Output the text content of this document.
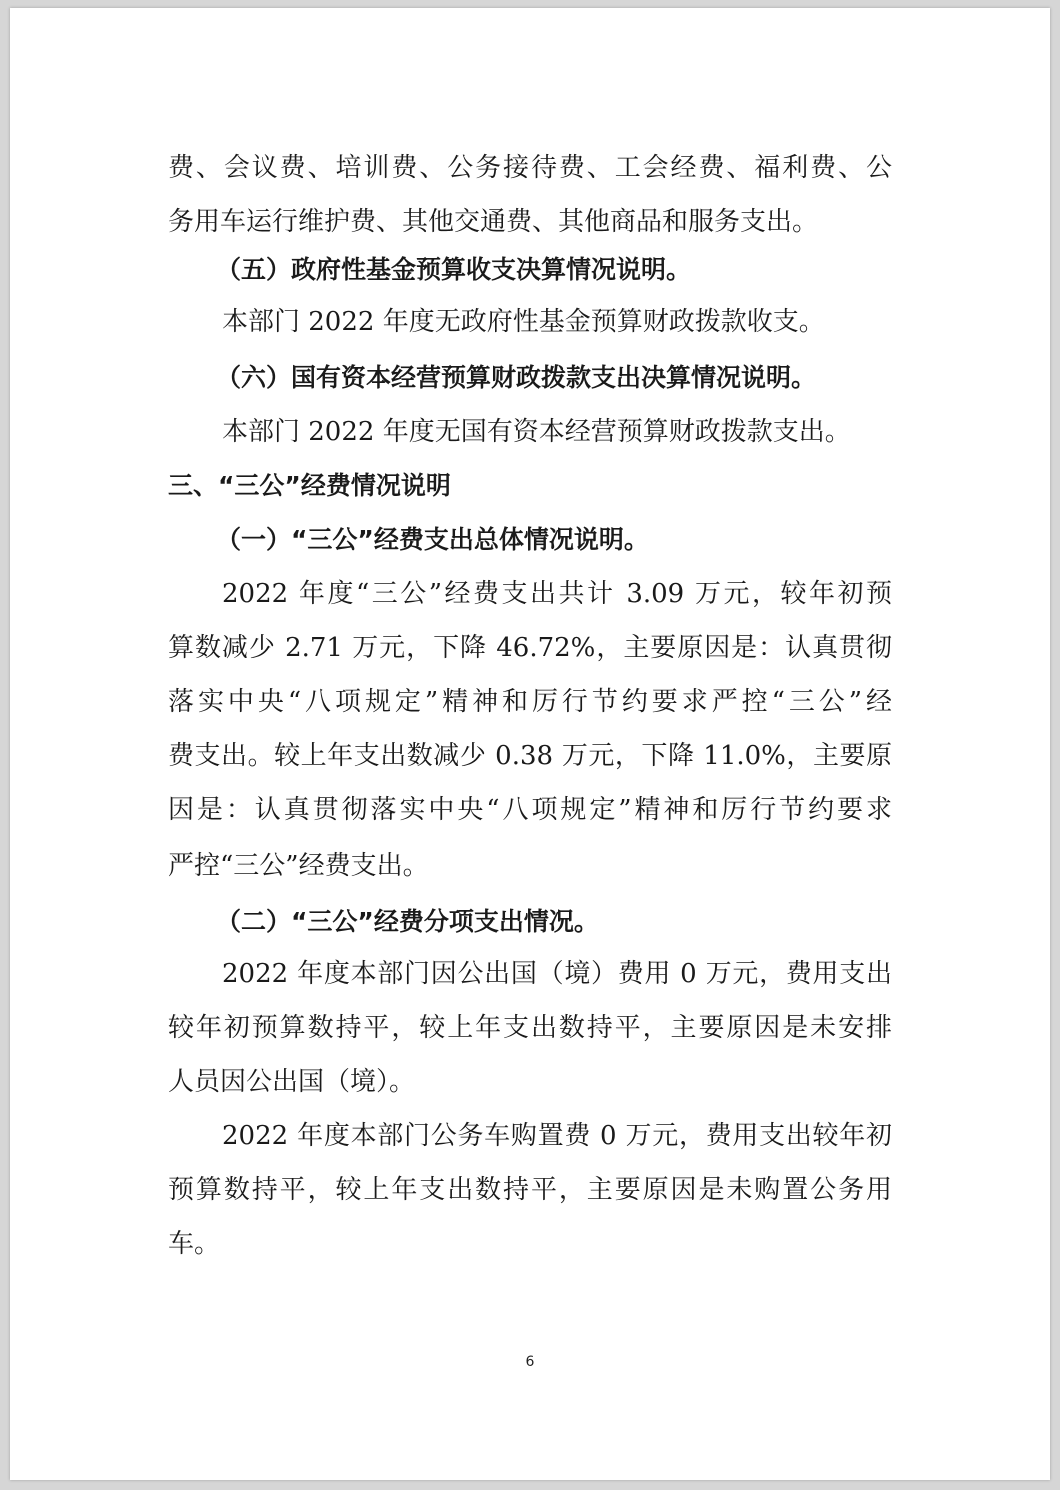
费、会议费、培训费、公务接待费、工会经费、福利费、公
务用车运行维护费、其他交通费、其他商品和服务支出。
（五）政府性基金预算收支决算情况说明。
本部门 2022 年度无政府性基金预算财政拨款收支。
（六）国有资本经营预算财政拨款支出决算情况说明。
本部门 2022 年度无国有资本经营预算财政拨款支出。
三、“三公”经费情况说明
（一）“三公”经费支出总体情况说明。
2022 年度“三公”经费支出共计 3.09 万元，较年初预
算数减少 2.71 万元，下降 46.72%，主要原因是：认真贯彻
落实中央“八项规定”精神和厉行节约要求严控“三公”经
费支出。较上年支出数减少 0.38 万元，下降 11.0%，主要原
因是：认真贯彻落实中央“八项规定”精神和厉行节约要求
严控“三公”经费支出。
（二）“三公”经费分项支出情况。
2022 年度本部门因公出国（境）费用 0 万元，费用支出
较年初预算数持平，较上年支出数持平，主要原因是未安排
人员因公出国（境）。
2022 年度本部门公务车购置费 0 万元，费用支出较年初
预算数持平，较上年支出数持平，主要原因是未购置公务用
车。
6
